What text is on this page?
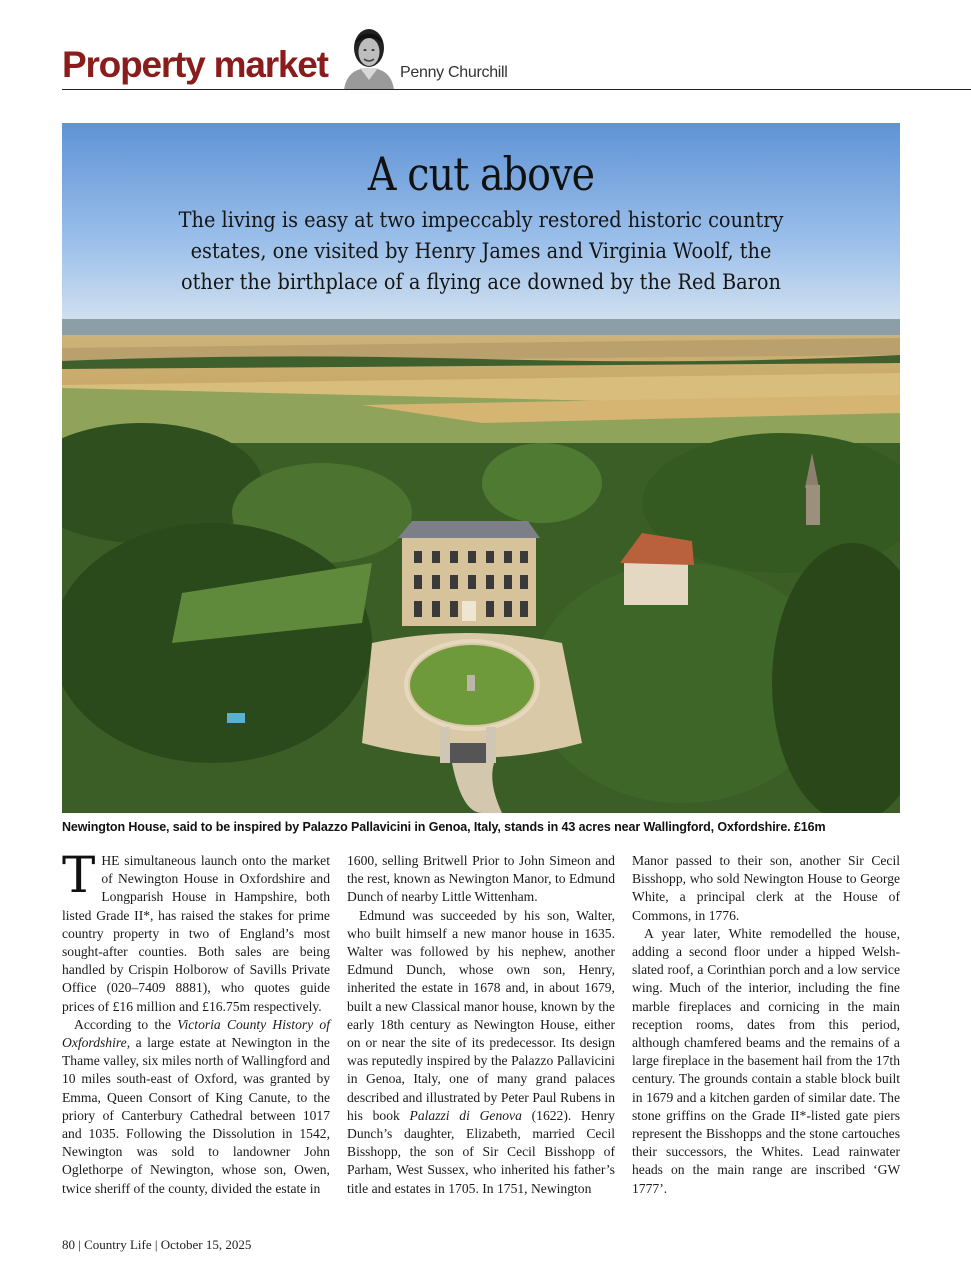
Property market	Penny Churchill
A cut above
The living is easy at two impeccably restored historic country estates, one visited by Henry James and Virginia Woolf, the other the birthplace of a flying ace downed by the Red Baron
Newington House, said to be inspired by Palazzo Pallavicini in Genoa, Italy, stands in 43 acres near Wallingford, Oxfordshire. £16m

THE simultaneous launch onto the market of Newington House in Oxfordshire and Longparish House in Hampshire, both listed Grade II*, has raised the stakes for prime country property in two of England’s most sought-after counties. Both sales are being handled by Crispin Holborow of Savills Private Office (020–7409 8881), who quotes guide prices of £16 million and £16.75m respectively.

According to the Victoria County History of Oxfordshire, a large estate at Newington in the Thame valley, six miles north of Wallingford and 10 miles south-east of Oxford, was granted by Emma, Queen Consort of King Canute, to the priory of Canterbury Cathedral between 1017 and 1035. Following the Dissolution in 1542, Newington was sold to landowner John Oglethorpe of Newington, whose son, Owen, twice sheriff of the county, divided the estate in

1600, selling Britwell Prior to John Simeon and the rest, known as Newington Manor, to Edmund Dunch of nearby Little Wittenham.

Edmund was succeeded by his son, Walter, who built himself a new manor house in 1635. Walter was followed by his nephew, another Edmund Dunch, whose own son, Henry, inherited the estate in 1678 and, in about 1679, built a new Classical manor house, known by the early 18th century as Newington House, either on or near the site of its predecessor. Its design was reputedly inspired by the Palazzo Pallavicini in Genoa, Italy, one of many grand palaces described and illustrated by Peter Paul Rubens in his book Palazzi di Genova (1622). Henry Dunch’s daughter, Elizabeth, married Cecil Bisshopp, the son of Sir Cecil Bisshopp of Parham, West Sussex, who inherited his father’s title and estates in 1705. In 1751, Newington

Manor passed to their son, another Sir Cecil Bisshopp, who sold Newington House to George White, a principal clerk at the House of Commons, in 1776.

A year later, White remodelled the house, adding a second floor under a hipped Welsh-slated roof, a Corinthian porch and a low service wing. Much of the interior, including the fine marble fireplaces and cornicing in the main reception rooms, dates from this period, although chamfered beams and the remains of a large fireplace in the basement hail from the 17th century. The grounds contain a stable block built in 1679 and a kitchen garden of similar date. The stone griffins on the Grade II*-listed gate piers represent the Bisshopps and the stone cartouches their successors, the Whites. Lead rainwater heads on the main range are inscribed ‘GW 1777’.

80 | Country Life | October 15, 2025
